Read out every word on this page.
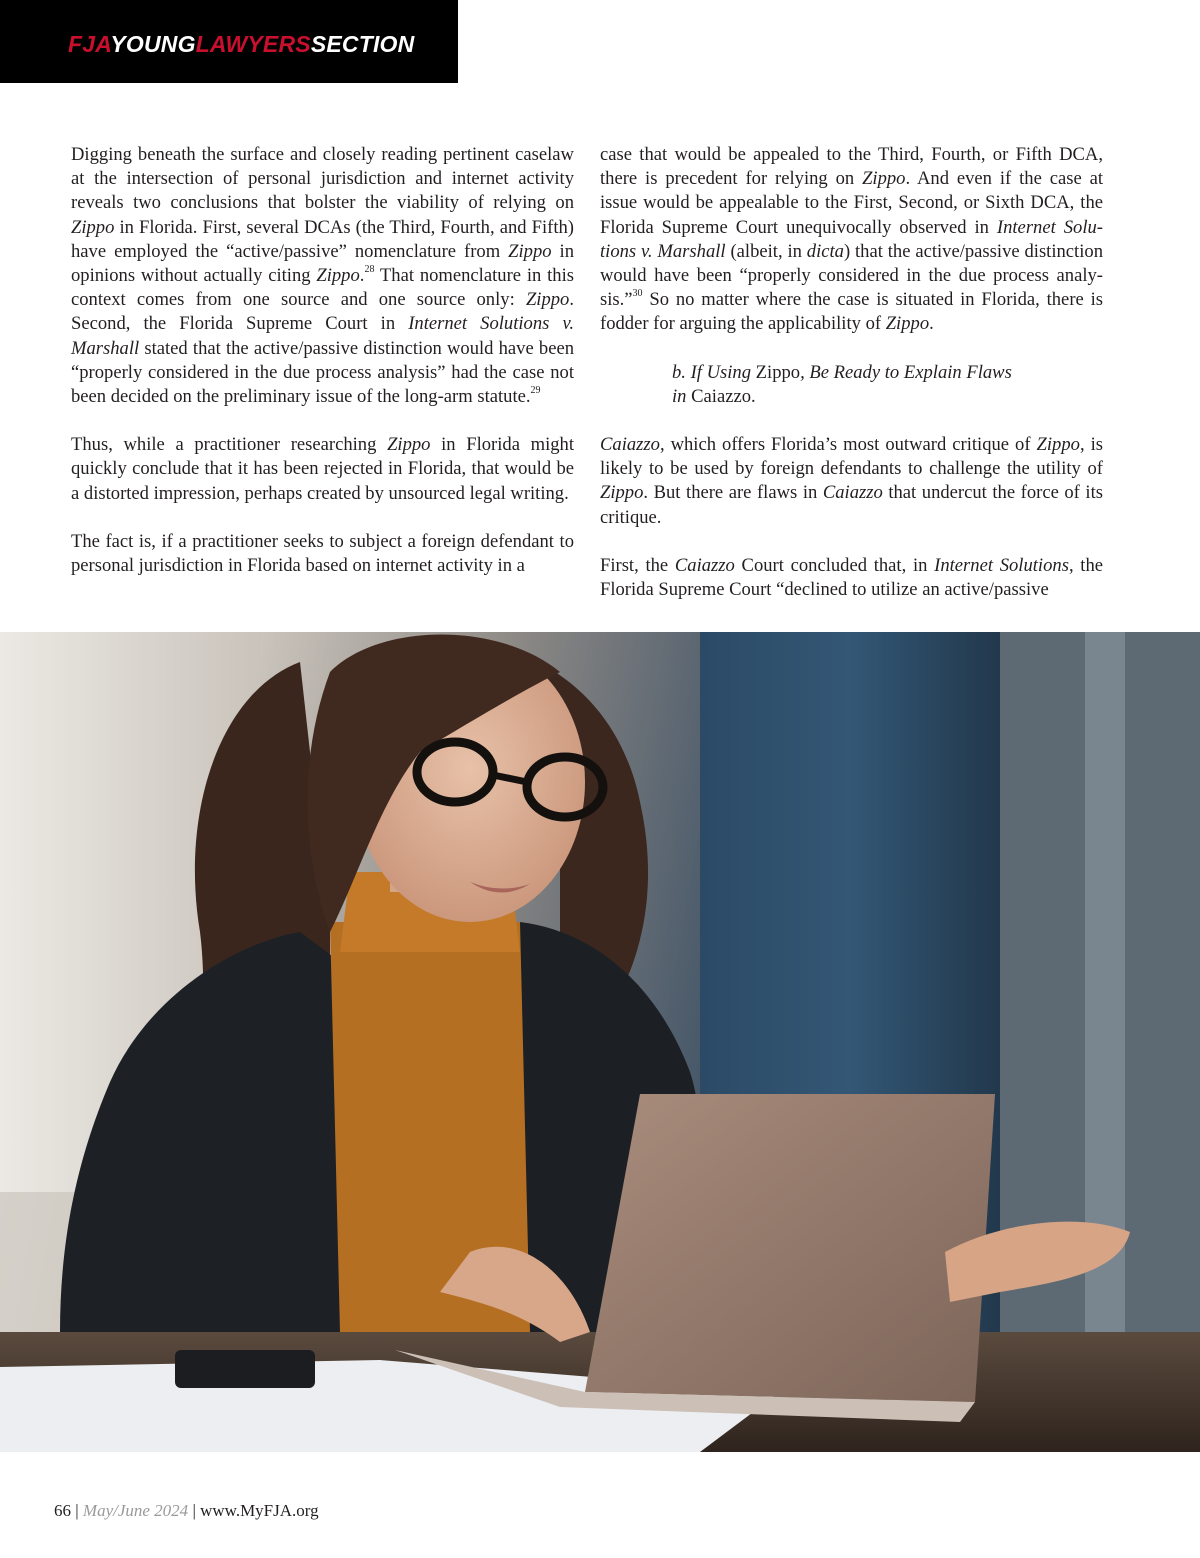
FJAYOUNGLAWYERSSECTION

Digging beneath the surface and closely reading pertinent caselaw at the intersection of personal jurisdiction and internet activity reveals two conclusions that bolster the viability of relying on Zippo in Florida. First, several DCAs (the Third, Fourth, and Fifth) have employed the “active/passive” nomenclature from Zippo in opinions without actually citing Zippo.$^{28}$ That nomenclature in this context comes from one source and one source only: Zippo. Second, the Florida Supreme Court in Internet Solutions v. Marshall stated that the active/passive distinction would have been “properly considered in the due process analysis” had the case not been decided on the preliminary issue of the long-arm statute.$^{29}$

Thus, while a practitioner researching Zippo in Florida might quickly conclude that it has been rejected in Florida, that would be a distorted impression, perhaps created by unsourced legal writing.

The fact is, if a practitioner seeks to subject a foreign defendant to personal jurisdiction in Florida based on internet activity in a

case that would be appealed to the Third, Fourth, or Fifth DCA, there is precedent for relying on Zippo. And even if the case at issue would be appealable to the First, Second, or Sixth DCA, the Florida Supreme Court unequivocally observed in Internet Solutions v. Marshall (albeit, in dicta) that the active/passive distinction would have been “properly considered in the due process analysis.”$^{30}$ So no matter where the case is situated in Florida, there is fodder for arguing the applicability of Zippo.

b. If Using Zippo, Be Ready to Explain Flaws

in Caiazzo.

Caiazzo, which offers Florida’s most outward critique of Zippo, is likely to be used by foreign defendants to challenge the utility of Zippo. But there are flaws in Caiazzo that undercut the force of its critique.

First, the Caiazzo Court concluded that, in Internet Solutions, the Florida Supreme Court “declined to utilize an active/passive

66 | May/June 2024 | www.MyFJA.org
